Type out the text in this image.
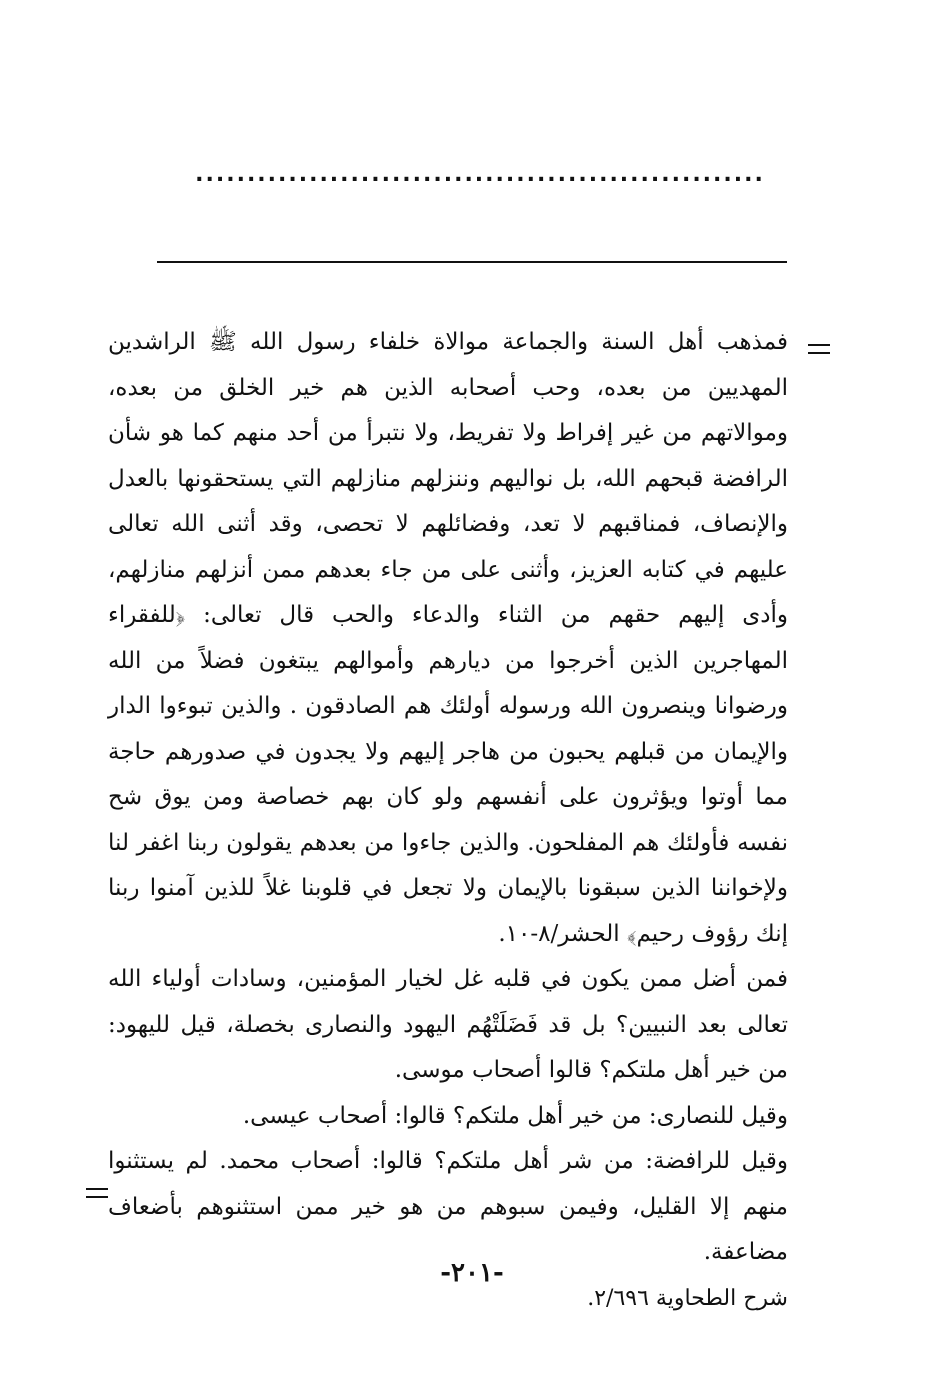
.......................................................

فمذهب أهل السنة والجماعة موالاة خلفاء رسول الله ﷺ الراشدين المهديين من بعده، وحب أصحابه الذين هم خير الخلق من بعده، وموالاتهم من غير إفراط ولا تفريط، ولا نتبرأ من أحد منهم كما هو شأن الرافضة قبحهم الله، بل نواليهم وننزلهم منازلهم التي يستحقونها بالعدل والإنصاف، فمناقبهم لا تعد، وفضائلهم لا تحصى، وقد أثنى الله تعالى عليهم في كتابه العزيز، وأثنى على من جاء بعدهم ممن أنزلهم منازلهم، وأدى إليهم حقهم من الثناء والدعاء والحب قال تعالى: ﴿للفقراء المهاجرين الذين أخرجوا من ديارهم وأموالهم يبتغون فضلاً من الله ورضوانا وينصرون الله ورسوله أولئك هم الصادقون . والذين تبوءوا الدار والإيمان من قبلهم يحبون من هاجر إليهم ولا يجدون في صدورهم حاجة مما أوتوا ويؤثرون على أنفسهم ولو كان بهم خصاصة ومن يوق شح نفسه فأولئك هم المفلحون. والذين جاءوا من بعدهم يقولون ربنا اغفر لنا ولإخواننا الذين سبقونا بالإيمان ولا تجعل في قلوبنا غلاً للذين آمنوا ربنا إنك رؤوف رحيم﴾ الحشر/٨-١٠.

فمن أضل ممن يكون في قلبه غل لخيار المؤمنين، وسادات أولياء الله تعالى بعد النبيين؟ بل قد فَضَلَتْهُم اليهود والنصارى بخصلة، قيل لليهود: من خير أهل ملتكم؟ قالوا أصحاب موسى.

وقيل للنصارى: من خير أهل ملتكم؟ قالوا: أصحاب عيسى.

وقيل للرافضة: من شر أهل ملتكم؟ قالوا: أصحاب محمد. لم يستثنوا منهم إلا القليل، وفيمن سبوهم من هو خير ممن استثنوهم بأضعاف مضاعفة.

شرح الطحاوية ٢/٦٩٦.

-٢٠١-
